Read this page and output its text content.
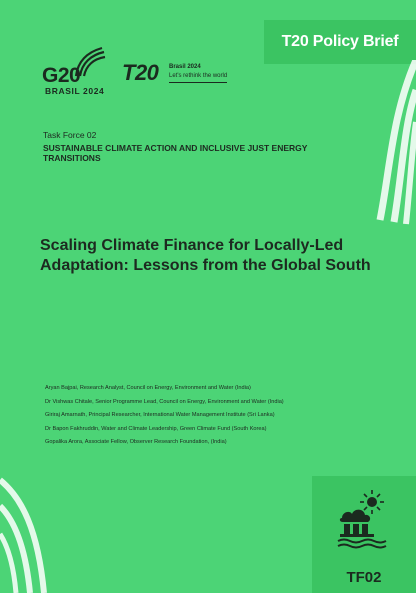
T20 Policy Brief
G20
BRASIL 2024
T20 Brasil 2024
Let's rethink the world
Task Force 02
SUSTAINABLE CLIMATE ACTION AND INCLUSIVE JUST ENERGY TRANSITIONS
Scaling Climate Finance for Locally-Led Adaptation: Lessons from the Global South
Aryan Bajpai, Research Analyst, Council on Energy, Environment and Water (India)
Dr Vishwas Chitale, Senior Programme Lead, Council on Energy, Environment and Water (India)
Giriraj Amarnath, Principal Researcher, International Water Management Institute (Sri Lanka)
Dr Bapon Fakhruddin, Water and Climate Leadership, Green Climate Fund (South Korea)
Gopalika Arora, Associate Fellow, Observer Research Foundation, (India)
TF02
